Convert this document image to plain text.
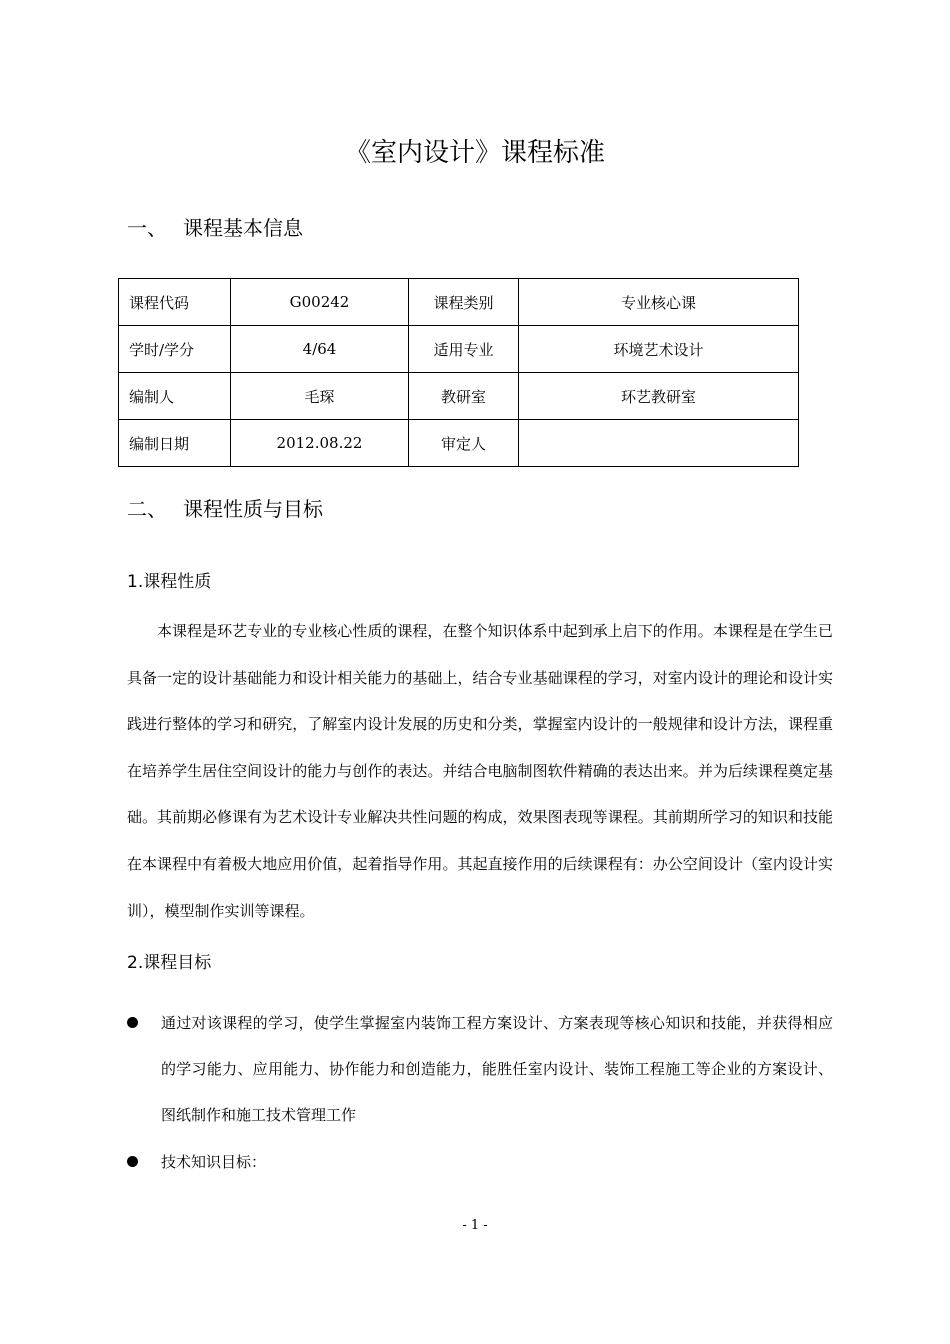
《室内设计》课程标准
一、 课程基本信息
课程代码	G00242	课程类别	专业核心课
学时/学分	4/64	适用专业	环境艺术设计
编制人	毛琛	教研室	环艺教研室
编制日期	2012.08.22	审定人	
二、 课程性质与目标
1.课程性质

本课程是环艺专业的专业核心性质的课程，在整个知识体系中起到承上启下的作用。本课程是在学生已具备一定的设计基础能力和设计相关能力的基础上，结合专业基础课程的学习，对室内设计的理论和设计实践进行整体的学习和研究，了解室内设计发展的历史和分类，掌握室内设计的一般规律和设计方法，课程重在培养学生居住空间设计的能力与创作的表达。并结合电脑制图软件精确的表达出来。并为后续课程奠定基础。其前期必修课有为艺术设计专业解决共性问题的构成，效果图表现等课程。其前期所学习的知识和技能在本课程中有着极大地应用价值，起着指导作用。其起直接作用的后续课程有：办公空间设计（室内设计实训），模型制作实训等课程。

2.课程目标

通过对该课程的学习，使学生掌握室内装饰工程方案设计、方案表现等核心知识和技能，并获得相应的学习能力、应用能力、协作能力和创造能力，能胜任室内设计、装饰工程施工等企业的方案设计、图纸制作和施工技术管理工作

技术知识目标：

- 1 -
